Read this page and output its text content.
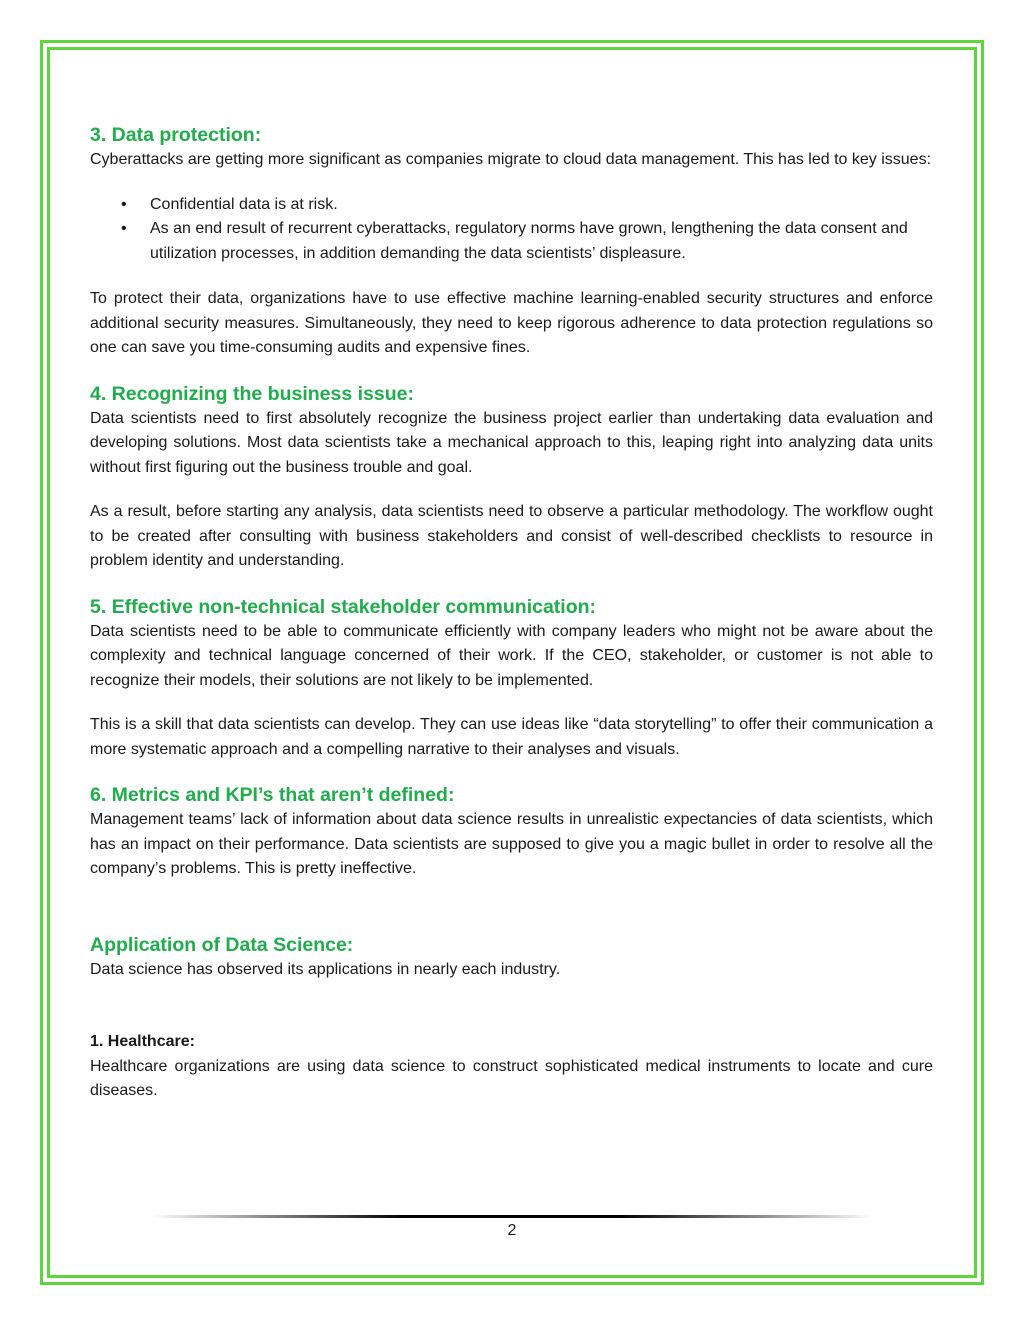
3. Data protection:

Cyberattacks are getting more significant as companies migrate to cloud data management. This has led to key issues:

• Confidential data is at risk.
• As an end result of recurrent cyberattacks, regulatory norms have grown, lengthening the data consent and utilization processes, in addition demanding the data scientists’ displeasure.

To protect their data, organizations have to use effective machine learning-enabled security structures and enforce additional security measures. Simultaneously, they need to keep rigorous adherence to data protection regulations so one can save you time-consuming audits and expensive fines.

4. Recognizing the business issue:

Data scientists need to first absolutely recognize the business project earlier than undertaking data evaluation and developing solutions. Most data scientists take a mechanical approach to this, leaping right into analyzing data units without first figuring out the business trouble and goal.

As a result, before starting any analysis, data scientists need to observe a particular methodology. The workflow ought to be created after consulting with business stakeholders and consist of well-described checklists to resource in problem identity and understanding.

5. Effective non-technical stakeholder communication:

Data scientists need to be able to communicate efficiently with company leaders who might not be aware about the complexity and technical language concerned of their work. If the CEO, stakeholder, or customer is not able to recognize their models, their solutions are not likely to be implemented.

This is a skill that data scientists can develop. They can use ideas like “data storytelling” to offer their communication a more systematic approach and a compelling narrative to their analyses and visuals.

6. Metrics and KPI’s that aren’t defined:

Management teams’ lack of information about data science results in unrealistic expectancies of data scientists, which has an impact on their performance. Data scientists are supposed to give you a magic bullet in order to resolve all the company’s problems. This is pretty ineffective.

Application of Data Science:

Data science has observed its applications in nearly each industry.

1. Healthcare:

Healthcare organizations are using data science to construct sophisticated medical instruments to locate and cure diseases.

2
